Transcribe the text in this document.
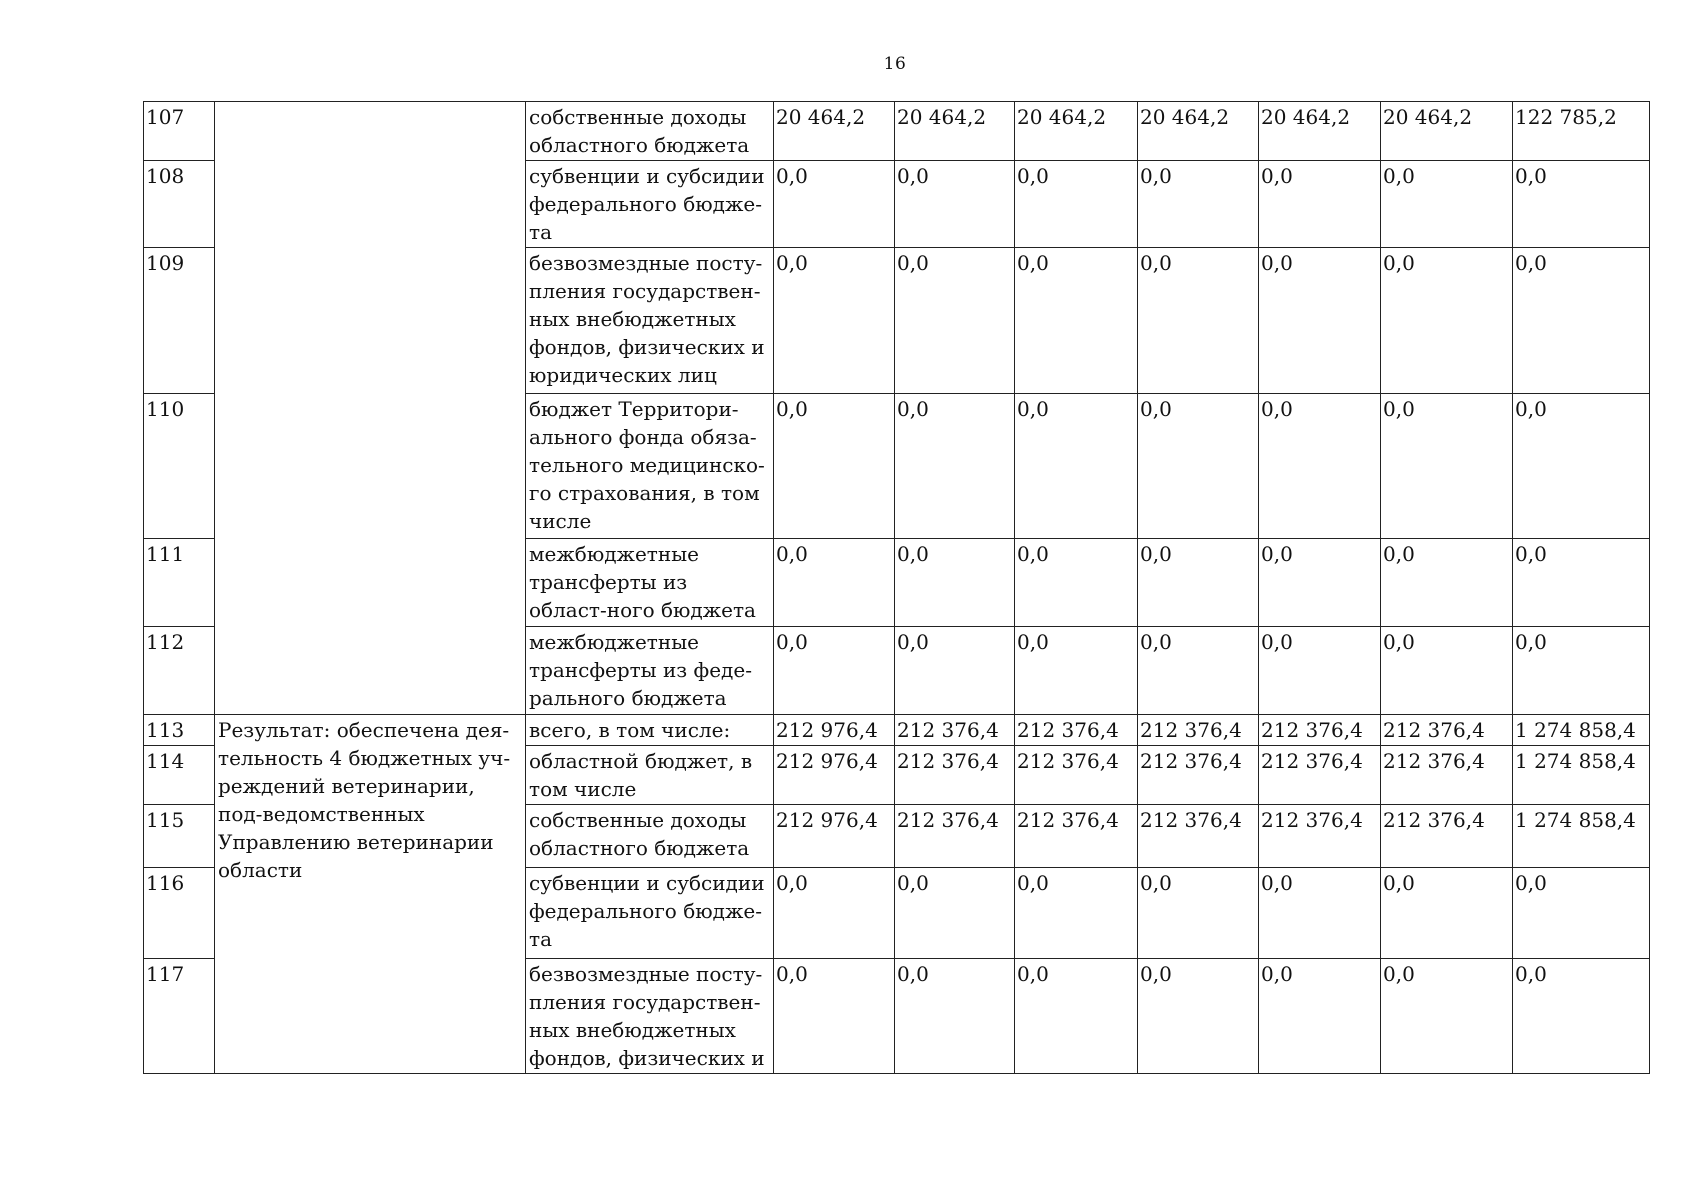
16
107		собственные доходы областного бюджета	20 464,2	20 464,2	20 464,2	20 464,2	20 464,2	20 464,2	122 785,2
108		субвенции и субсидии федерального бюдже-та	0,0	0,0	0,0	0,0	0,0	0,0	0,0
109		безвозмездные посту-пления государствен-ных внебюджетных фондов, физических и юридических лиц	0,0	0,0	0,0	0,0	0,0	0,0	0,0
110		бюджет Территори-ального фонда обяза-тельного медицинско-го страхования, в том числе	0,0	0,0	0,0	0,0	0,0	0,0	0,0
111		межбюджетные трансферты из област-ного бюджета	0,0	0,0	0,0	0,0	0,0	0,0	0,0
112		межбюджетные трансферты из феде-рального бюджета	0,0	0,0	0,0	0,0	0,0	0,0	0,0
113	Результат: обеспечена дея-тельность 4 бюджетных уч-реждений ветеринарии, под-ведомственных Управлению ветеринарии области	всего, в том числе:	212 976,4	212 376,4	212 376,4	212 376,4	212 376,4	212 376,4	1 274 858,4
114		областной бюджет, в том числе	212 976,4	212 376,4	212 376,4	212 376,4	212 376,4	212 376,4	1 274 858,4
115		собственные доходы областного бюджета	212 976,4	212 376,4	212 376,4	212 376,4	212 376,4	212 376,4	1 274 858,4
116		субвенции и субсидии федерального бюдже-та	0,0	0,0	0,0	0,0	0,0	0,0	0,0
117		безвозмездные посту-пления государствен-ных внебюджетных фондов, физических и	0,0	0,0	0,0	0,0	0,0	0,0	0,0
